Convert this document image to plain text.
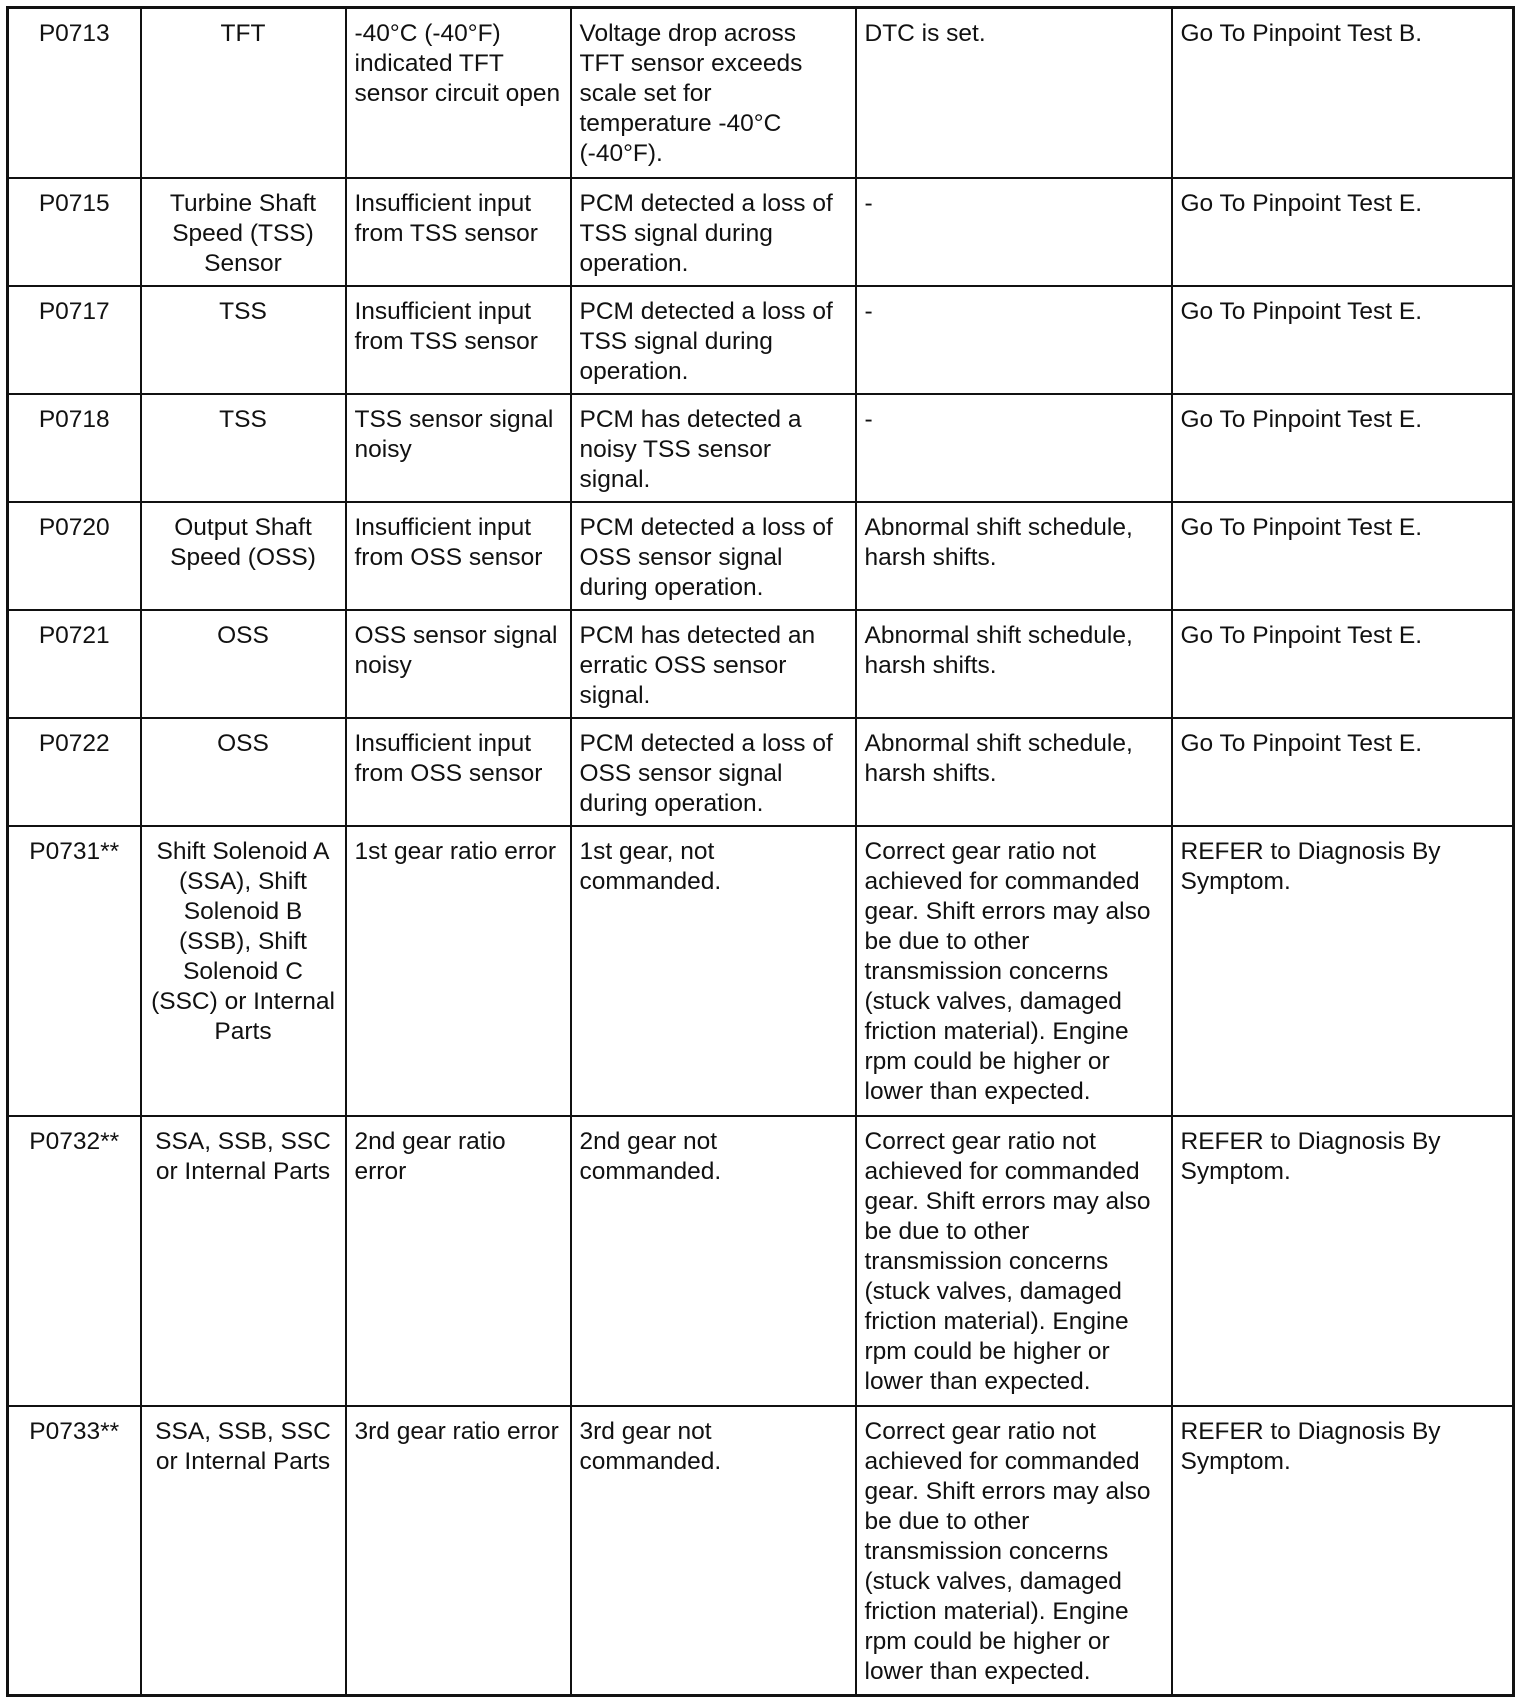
P0713	TFT	-40°C (-40°F) indicated TFT sensor circuit open	Voltage drop across TFT sensor exceeds scale set for temperature -40°C (-40°F).	DTC is set.	Go To Pinpoint Test B.
P0715	Turbine Shaft Speed (TSS) Sensor	Insufficient input from TSS sensor	PCM detected a loss of TSS signal during operation.	-	Go To Pinpoint Test E.
P0717	TSS	Insufficient input from TSS sensor	PCM detected a loss of TSS signal during operation.	-	Go To Pinpoint Test E.
P0718	TSS	TSS sensor signal noisy	PCM has detected a noisy TSS sensor signal.	-	Go To Pinpoint Test E.
P0720	Output Shaft Speed (OSS)	Insufficient input from OSS sensor	PCM detected a loss of OSS sensor signal during operation.	Abnormal shift schedule, harsh shifts.	Go To Pinpoint Test E.
P0721	OSS	OSS sensor signal noisy	PCM has detected an erratic OSS sensor signal.	Abnormal shift schedule, harsh shifts.	Go To Pinpoint Test E.
P0722	OSS	Insufficient input from OSS sensor	PCM detected a loss of OSS sensor signal during operation.	Abnormal shift schedule, harsh shifts.	Go To Pinpoint Test E.
P0731**	Shift Solenoid A (SSA), Shift Solenoid B (SSB), Shift Solenoid C (SSC) or Internal Parts	1st gear ratio error	1st gear, not commanded.	Correct gear ratio not achieved for commanded gear. Shift errors may also be due to other transmission concerns (stuck valves, damaged friction material). Engine rpm could be higher or lower than expected.	REFER to Diagnosis By Symptom.
P0732**	SSA, SSB, SSC or Internal Parts	2nd gear ratio error	2nd gear not commanded.	Correct gear ratio not achieved for commanded gear. Shift errors may also be due to other transmission concerns (stuck valves, damaged friction material). Engine rpm could be higher or lower than expected.	REFER to Diagnosis By Symptom.
P0733**	SSA, SSB, SSC or Internal Parts	3rd gear ratio error	3rd gear not commanded.	Correct gear ratio not achieved for commanded gear. Shift errors may also be due to other transmission concerns (stuck valves, damaged friction material). Engine rpm could be higher or lower than expected.	REFER to Diagnosis By Symptom.
